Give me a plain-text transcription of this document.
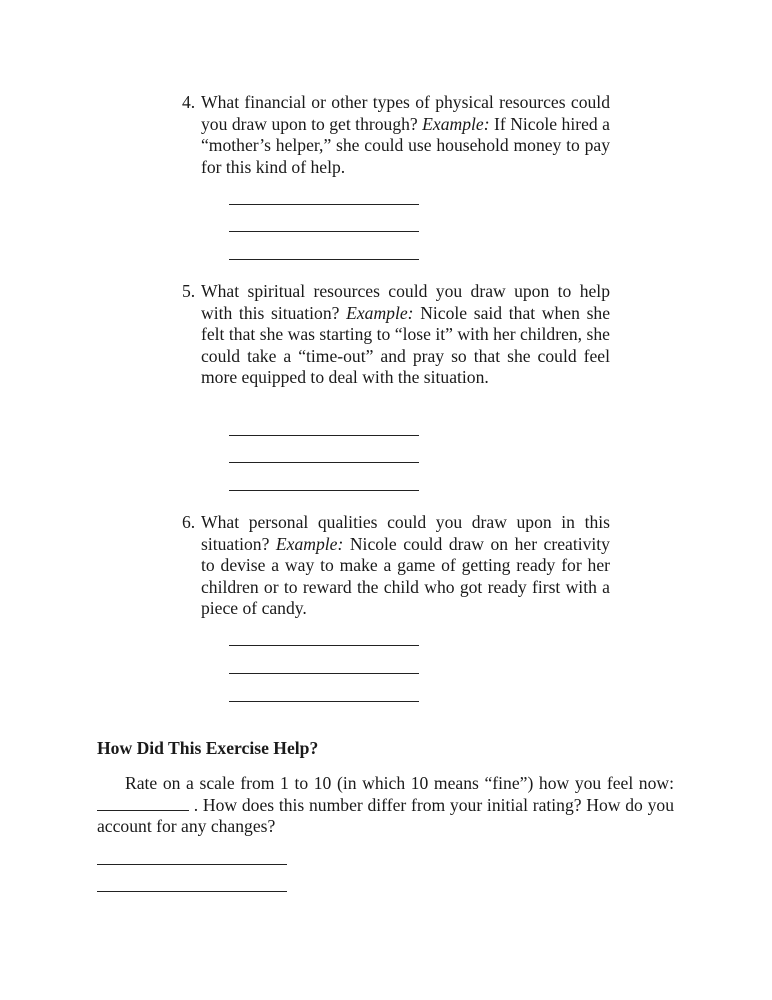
4. What financial or other types of physical resources could you draw upon to get through? Example: If Nicole hired a “mother’s helper,” she could use household money to pay for this kind of help.
5. What spiritual resources could you draw upon to help with this situation? Example: Nicole said that when she felt that she was starting to “lose it” with her children, she could take a “time-out” and pray so that she could feel more equipped to deal with the situation.
6. What personal qualities could you draw upon in this situation? Example: Nicole could draw on her creativity to devise a way to make a game of getting ready for her children or to reward the child who got ready first with a piece of candy.
How Did This Exercise Help?
Rate on a scale from 1 to 10 (in which 10 means “fine”) how you feel now:  . How does this number differ from your initial rating? How do you account for any changes?
